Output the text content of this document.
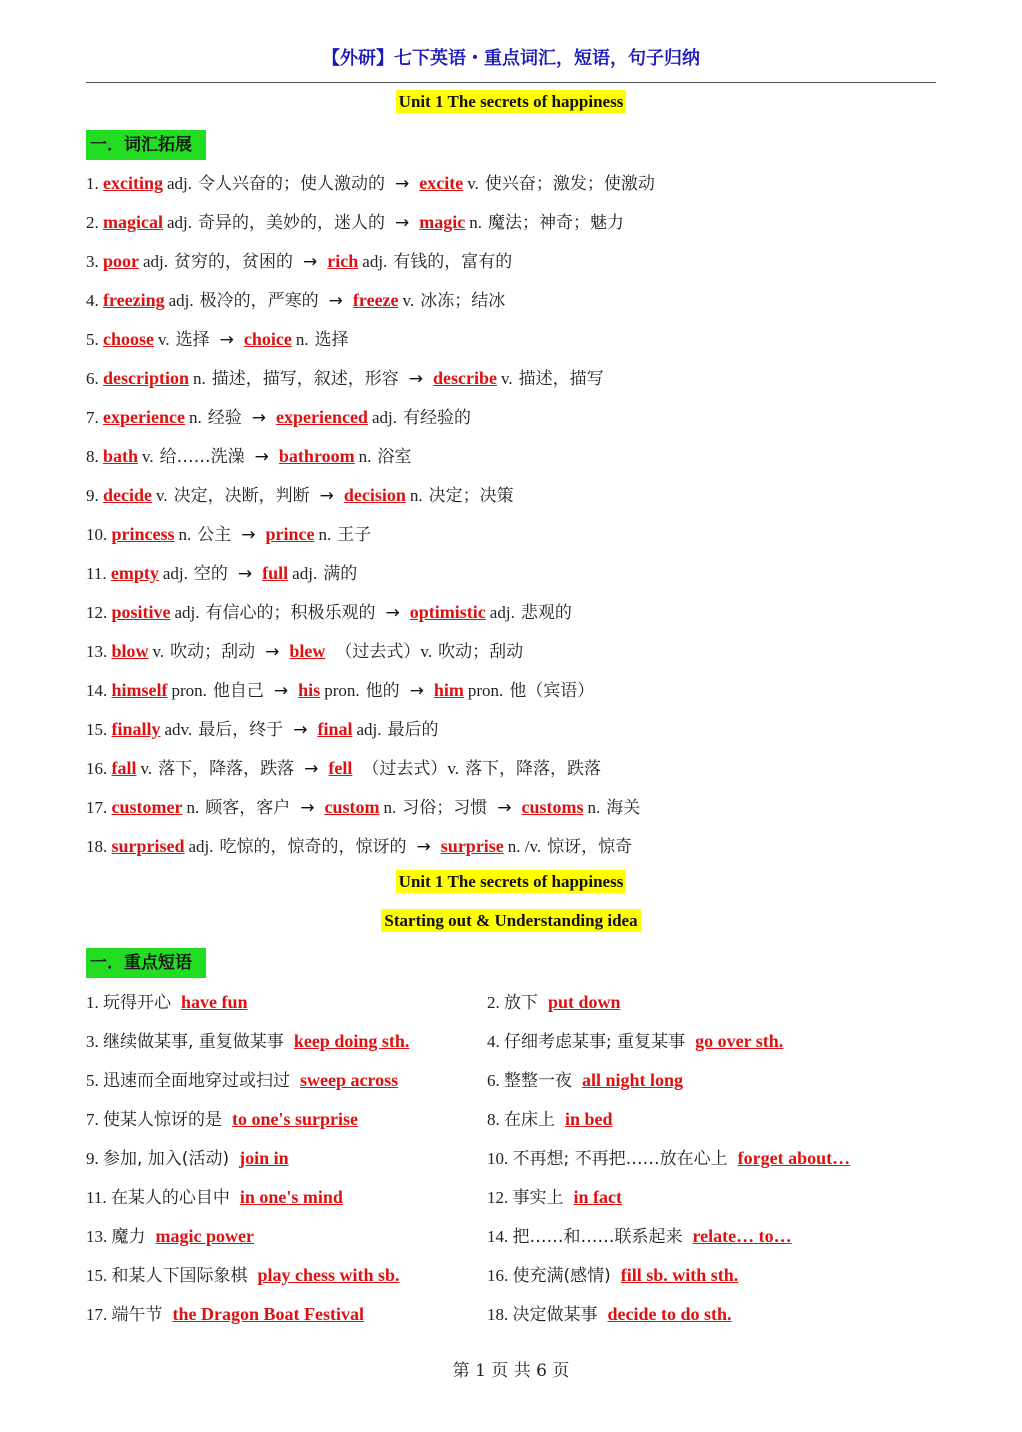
【外研】七下英语・重点词汇，短语，句子归纳
Unit 1 The secrets of happiness
一．词汇拓展
1. exciting adj. 令人兴奋的；使人激动的 → excite v. 使兴奋；激发；使激动
2. magical adj. 奇异的，美妙的，迷人的 → magic n. 魔法；神奇；魅力
3. poor adj. 贫穷的，贫困的 → rich adj. 有钱的，富有的
4. freezing adj. 极冷的，严寒的 → freeze v. 冰冻；结冰
5. choose v. 选择 → choice n. 选择
6. description n. 描述，描写，叙述，形容 → describe v. 描述，描写
7. experience n. 经验 → experienced adj. 有经验的
8. bath v. 给……洗澡 → bathroom n. 浴室
9. decide v. 决定，决断，判断 → decision n. 决定；决策
10. princess n. 公主 → prince n. 王子
11. empty adj. 空的 → full adj. 满的
12. positive adj. 有信心的；积极乐观的 → optimistic adj. 悲观的
13. blow v. 吹动；刮动 → blew （过去式）v. 吹动；刮动
14. himself pron. 他自己 → his pron. 他的 → him pron. 他（宾语）
15. finally adv. 最后，终于 → final adj. 最后的
16. fall v. 落下，降落，跌落 → fell （过去式）v. 落下，降落，跌落
17. customer n. 顾客，客户 → custom n. 习俗；习惯 → customs n. 海关
18. surprised adj. 吃惊的，惊奇的，惊讶的 → surprise n. /v. 惊讶，惊奇
Unit 1 The secrets of happiness
Starting out & Understanding idea
一．重点短语
1. 玩得开心 have fun	2. 放下 put down
3. 继续做某事, 重复做某事 keep doing sth.	4. 仔细考虑某事; 重复某事 go over sth.
5. 迅速而全面地穿过或扫过 sweep across	6. 整整一夜 all night long
7. 使某人惊讶的是 to one's surprise	8. 在床上 in bed
9. 参加, 加入(活动) join in	10. 不再想; 不再把……放在心上 forget about…
11. 在某人的心目中 in one's mind	12. 事实上 in fact
13. 魔力 magic power	14. 把……和……联系起来 relate… to…
15. 和某人下国际象棋 play chess with sb.	16. 使充满(感情) fill sb. with sth.
17. 端午节 the Dragon Boat Festival	18. 决定做某事 decide to do sth.
第 1 页 共 6 页
